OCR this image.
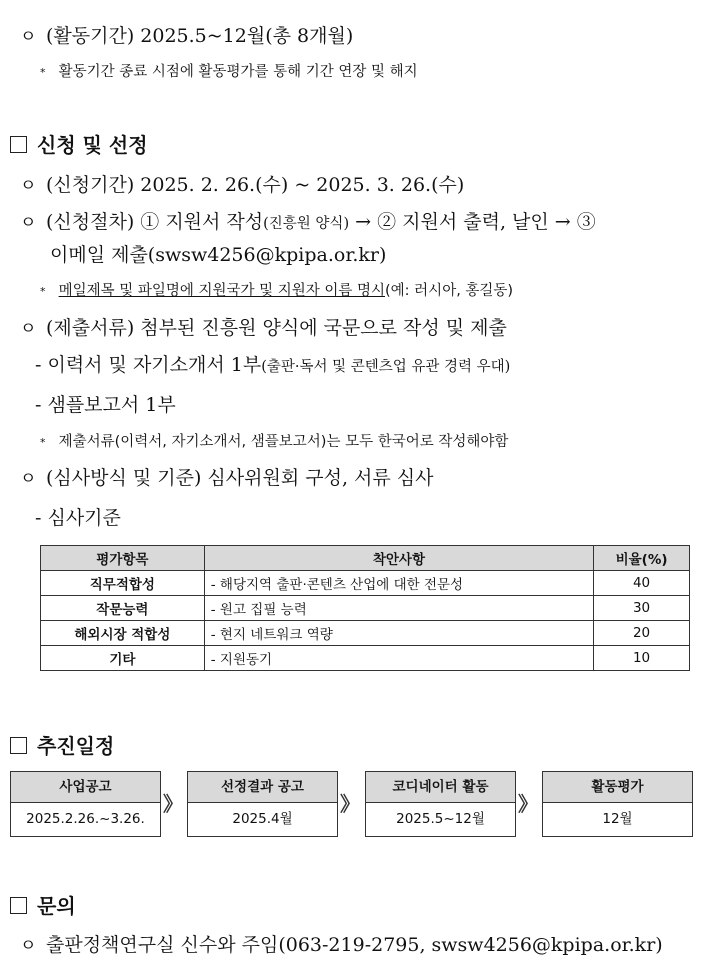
ㅇ (활동기간) 2025.5~12월(총 8개월)
* 활동기간 종료 시점에 활동평가를 통해 기간 연장 및 해지
신청 및 선정
ㅇ (신청기간) 2025. 2. 26.(수) ~ 2025. 3. 26.(수)
ㅇ (신청절차) ① 지원서 작성(진흥원 양식) → ② 지원서 출력, 날인 → ③
이메일 제출(swsw4256@kpipa.or.kr)
* 메일제목 및 파일명에 지원국가 및 지원자 이름 명시(예: 러시아, 홍길동)
ㅇ (제출서류) 첨부된 진흥원 양식에 국문으로 작성 및 제출
- 이력서 및 자기소개서 1부(출판·독서 및 콘텐츠업 유관 경력 우대)
- 샘플보고서 1부
* 제출서류(이력서, 자기소개서, 샘플보고서)는 모두 한국어로 작성해야함
ㅇ (심사방식 및 기준) 심사위원회 구성, 서류 심사
- 심사기준
평가항목	착안사항	비율(%)
직무적합성	- 해당지역 출판·콘텐츠 산업에 대한 전문성	40
작문능력	- 원고 집필 능력	30
해외시장 적합성	- 현지 네트워크 역량	20
기타	- 지원동기	10
추진일정
사업공고
2025.2.26.~3.26.
》
선정결과 공고
2025.4월
》
코디네이터 활동
2025.5~12월
》
활동평가
12월
문의
ㅇ 출판정책연구실 신수와 주임(063-219-2795, swsw4256@kpipa.or.kr)
